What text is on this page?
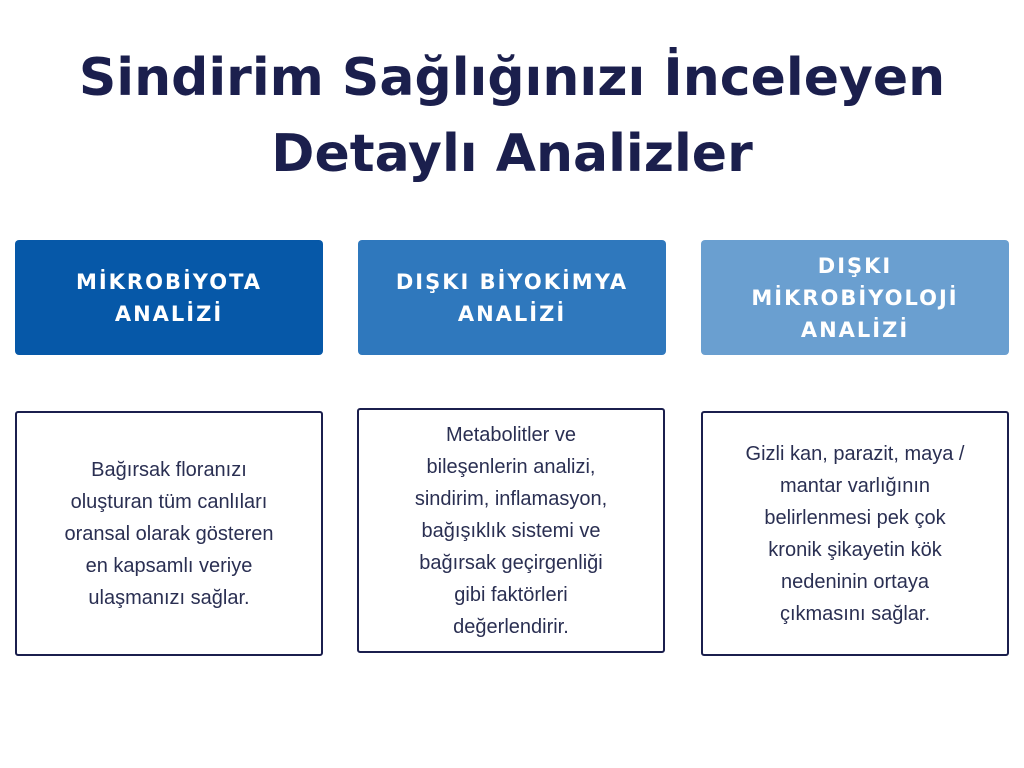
Sindirim Sağlığınızı İnceleyen
Detaylı Analizler
MİKROBİYOTA
ANALİZİ
Bağırsak floranızı
oluşturan tüm canlıları
oransal olarak gösteren
en kapsamlı veriye
ulaşmanızı sağlar.
DIŞKI BİYOKİMYA
ANALİZİ
Metabolitler ve
bileşenlerin analizi,
sindirim, inflamasyon,
bağışıklık sistemi ve
bağırsak geçirgenliği
gibi faktörleri
değerlendirir.
DIŞKI
MİKROBİYOLOJİ
ANALİZİ
Gizli kan, parazit, maya /
mantar varlığının
belirlenmesi pek çok
kronik şikayetin kök
nedeninin ortaya
çıkmasını sağlar.
